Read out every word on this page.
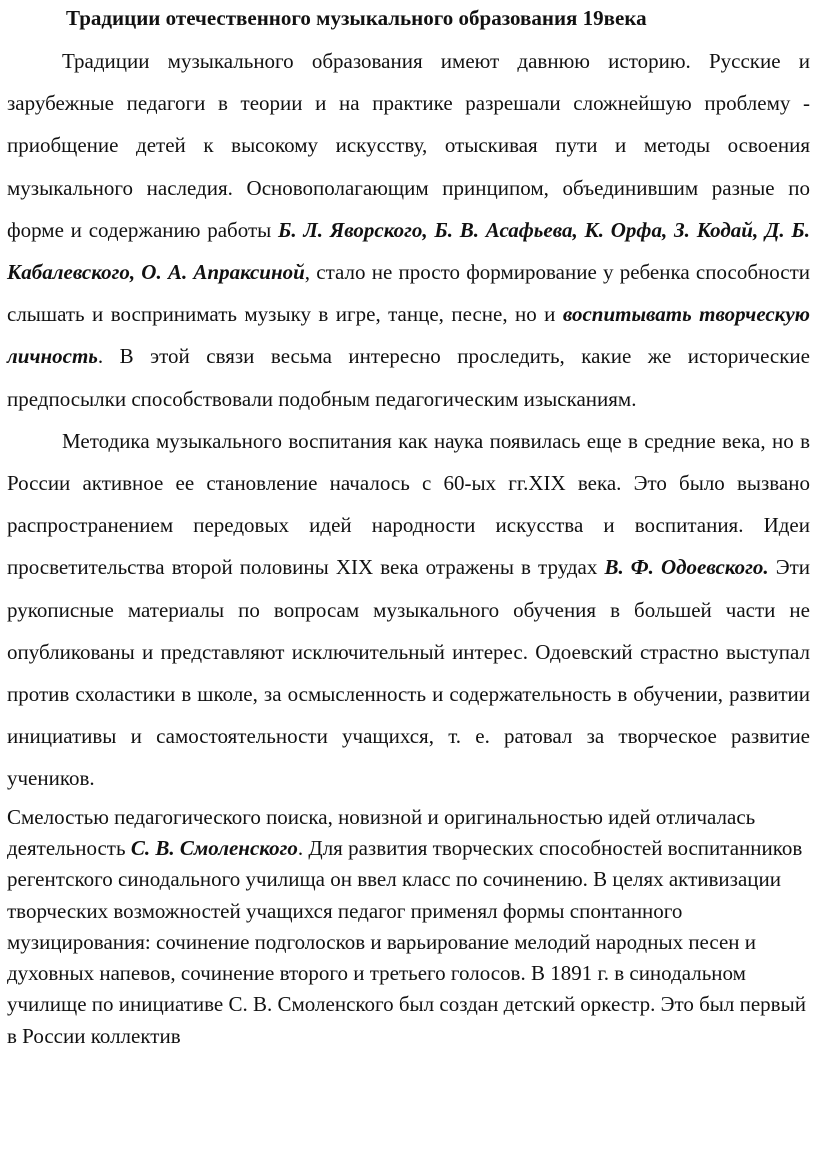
Традиции отечественного музыкального образования 19века

Традиции музыкального образования имеют давнюю историю. Русские и зарубежные педагоги в теории и на практике разрешали сложнейшую проблему - приобщение детей к высокому искусству, отыскивая пути и методы освоения музыкального наследия. Основополагающим принципом, объединившим разные по форме и содержанию работы Б. Л. Яворского, Б. В. Асафьева, К. Орфа, З. Кодай, Д. Б. Кабалевского, О. А. Апраксиной, стало не просто формирование у ребенка способности слышать и воспринимать музыку в игре, танце, песне, но и воспитывать творческую личность. В этой связи весьма интересно проследить, какие же исторические предпосылки способствовали подобным педагогическим изысканиям.

Методика музыкального воспитания как наука появилась еще в средние века, но в России активное ее становление началось с 60-ых гг.XIX века. Это было вызвано распространением передовых идей народности искусства и воспитания. Идеи просветительства второй половины XIX века отражены в трудах В. Ф. Одоевского. Эти рукописные материалы по вопросам музыкального обучения в большей части не опубликованы и представляют исключительный интерес. Одоевский страстно выступал против схоластики в школе, за осмысленность и содержательность в обучении, развитии инициативы и самостоятельности учащихся, т. е. ратовал за творческое развитие учеников.

Смелостью педагогического поиска, новизной и оригинальностью идей отличалась деятельность С. В. Смоленского. Для развития творческих способностей воспитанников регентского синодального училища он ввел класс по сочинению. В целях активизации творческих возможностей учащихся педагог применял формы спонтанного музицирования: сочинение подголосков и варьирование мелодий народных песен и духовных напевов, сочинение второго и третьего голосов. В 1891 г. в синодальном училище по инициативе С. В. Смоленского был создан детский оркестр. Это был первый в России коллектив
